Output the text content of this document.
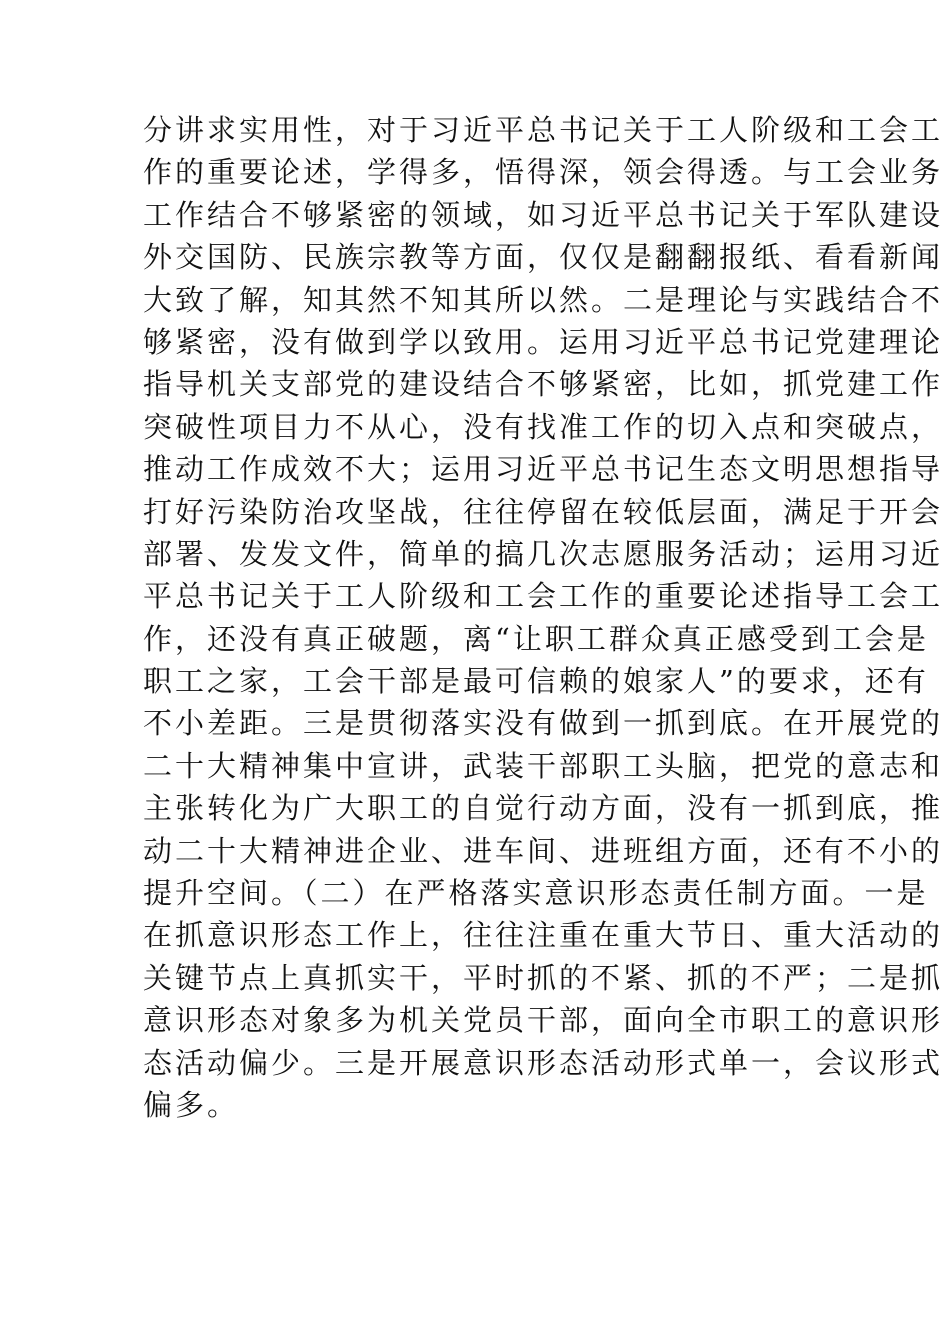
分讲求实用性，对于习近平总书记关于工人阶级和工会工
作的重要论述，学得多，悟得深，领会得透。与工会业务
工作结合不够紧密的领域，如习近平总书记关于军队建设
外交国防、民族宗教等方面，仅仅是翻翻报纸、看看新闻
大致了解，知其然不知其所以然。二是理论与实践结合不
够紧密，没有做到学以致用。运用习近平总书记党建理论
指导机关支部党的建设结合不够紧密，比如，抓党建工作
突破性项目力不从心，没有找准工作的切入点和突破点，
推动工作成效不大；运用习近平总书记生态文明思想指导
打好污染防治攻坚战，往往停留在较低层面，满足于开会
部署、发发文件，简单的搞几次志愿服务活动；运用习近
平总书记关于工人阶级和工会工作的重要论述指导工会工
作，还没有真正破题，离“让职工群众真正感受到工会是
职工之家，工会干部是最可信赖的娘家人”的要求，还有
不小差距。三是贯彻落实没有做到一抓到底。在开展党的
二十大精神集中宣讲，武装干部职工头脑，把党的意志和
主张转化为广大职工的自觉行动方面，没有一抓到底，推
动二十大精神进企业、进车间、进班组方面，还有不小的
提升空间。（二）在严格落实意识形态责任制方面。一是
在抓意识形态工作上，往往注重在重大节日、重大活动的
关键节点上真抓实干，平时抓的不紧、抓的不严；二是抓
意识形态对象多为机关党员干部，面向全市职工的意识形
态活动偏少。三是开展意识形态活动形式单一，会议形式
偏多。
